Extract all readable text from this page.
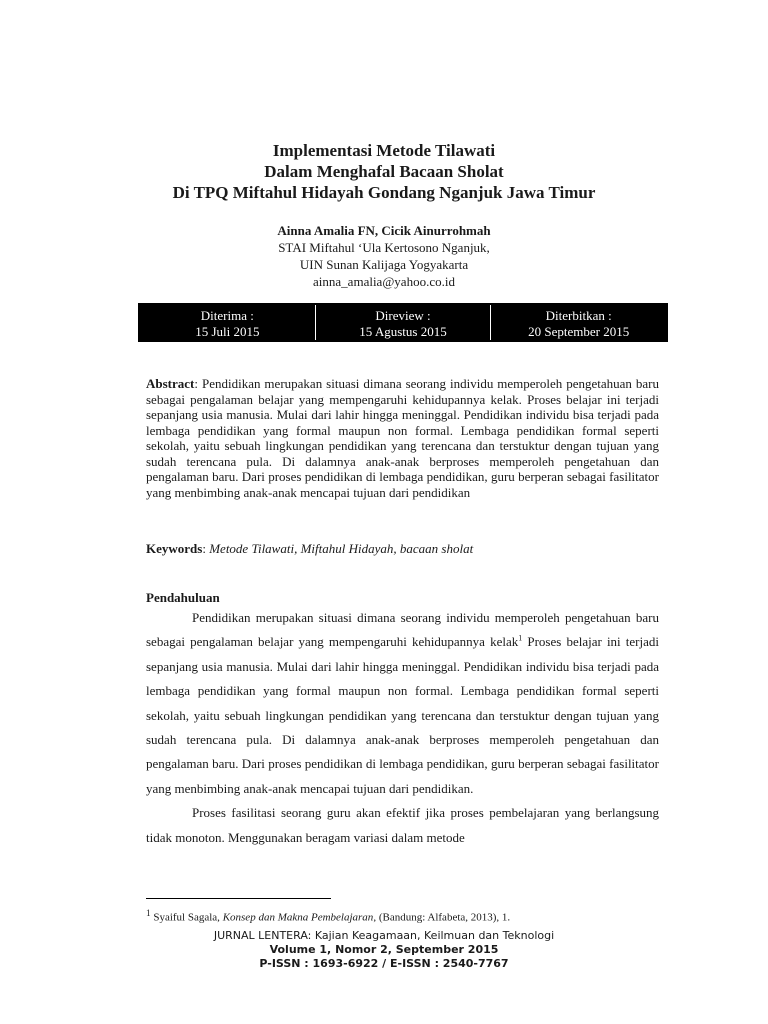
Implementasi Metode Tilawati
Dalam Menghafal Bacaan Sholat
Di TPQ Miftahul Hidayah Gondang Nganjuk Jawa Timur
Ainna Amalia FN, Cicik Ainurrohmah
STAI Miftahul ‘Ula Kertosono Nganjuk,
UIN Sunan Kalijaga Yogyakarta
ainna_amalia@yahoo.co.id
Diterima :
15 Juli 2015
Direview :
15 Agustus 2015
Diterbitkan :
20 September 2015
Abstract: Pendidikan merupakan situasi dimana seorang individu memperoleh pengetahuan baru sebagai pengalaman belajar yang mempengaruhi kehidupannya kelak. Proses belajar ini terjadi sepanjang usia manusia. Mulai dari lahir hingga meninggal. Pendidikan individu bisa terjadi pada lembaga pendidikan yang formal maupun non formal. Lembaga pendidikan formal seperti sekolah, yaitu sebuah lingkungan pendidikan yang terencana dan terstuktur dengan tujuan yang sudah terencana pula. Di dalamnya anak-anak berproses memperoleh pengetahuan dan pengalaman baru. Dari proses pendidikan di lembaga pendidikan, guru berperan sebagai fasilitator yang menbimbing anak-anak mencapai tujuan dari pendidikan
Keywords: Metode Tilawati, Miftahul Hidayah, bacaan sholat
Pendahuluan

Pendidikan merupakan situasi dimana seorang individu memperoleh pengetahuan baru sebagai pengalaman belajar yang mempengaruhi kehidupannya kelak$^1$ Proses belajar ini terjadi sepanjang usia manusia. Mulai dari lahir hingga meninggal. Pendidikan individu bisa terjadi pada lembaga pendidikan yang formal maupun non formal. Lembaga pendidikan formal seperti sekolah, yaitu sebuah lingkungan pendidikan yang terencana dan terstuktur dengan tujuan yang sudah terencana pula. Di dalamnya anak-anak berproses memperoleh pengetahuan dan pengalaman baru. Dari proses pendidikan di lembaga pendidikan, guru berperan sebagai fasilitator yang menbimbing anak-anak mencapai tujuan dari pendidikan.

Proses fasilitasi seorang guru akan efektif jika proses pembelajaran yang berlangsung tidak monoton. Menggunakan beragam variasi dalam metode

$^1$ Syaiful Sagala, Konsep dan Makna Pembelajaran, (Bandung: Alfabeta, 2013), 1.
JURNAL LENTERA: Kajian Keagamaan, Keilmuan dan Teknologi
Volume 1, Nomor 2, September 2015
P-ISSN : 1693-6922 / E-ISSN : 2540-7767
